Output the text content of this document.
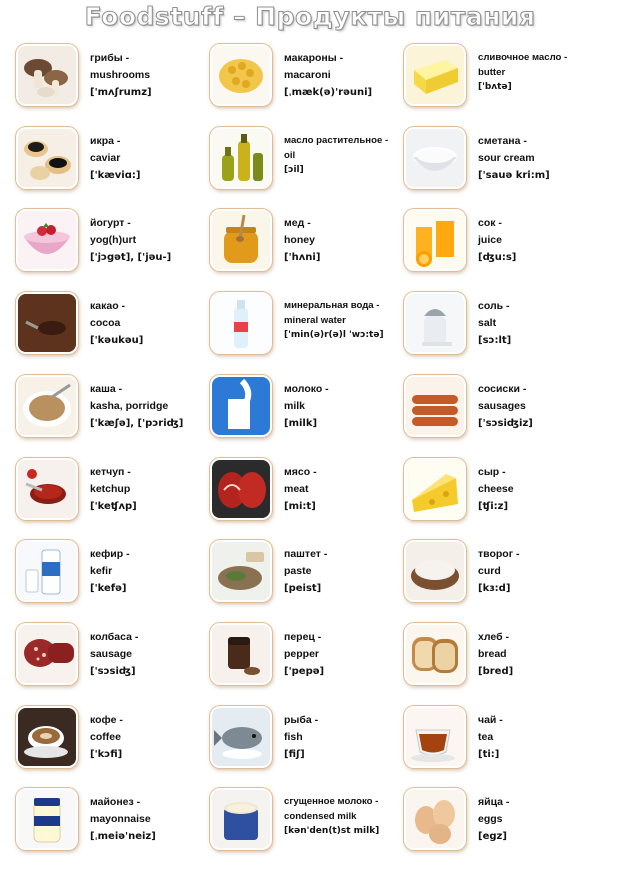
Foodstuff – Продукты питания
грибы -
mushrooms
['mʌʃrumz]
макароны -
macaroni
[ˌmæk(ə)'rəuni]
сливочное масло -
butter
['bʌtə]
икра -
caviar
['kæviɑ:]
масло растительное -
oil
[ɔil]
сметана -
sour cream
['sauə kri:m]
йогурт -
yog(h)urt
['jɔgət], ['jəu-]
мед -
honey
['hʌni]
сок -
juice
[ʤu:s]
какао -
cocoa
['kəukəu]
минеральная вода -
mineral water
['min(ə)r(ə)l 'wɔ:tə]
соль -
salt
[sɔ:lt]
каша -
kasha, porridge
['kæʃə], ['pɔriʤ]
молоко -
milk
[milk]
сосиски -
sausages
['sɔsiʤiz]
кетчуп -
ketchup
['keʧʌp]
мясо -
meat
[mi:t]
сыр -
cheese
[ʧi:z]
кефир -
kefir
['kefə]
паштет -
paste
[peist]
творог -
curd
[kɜ:d]
колбаса -
sausage
['sɔsiʤ]
перец -
pepper
['pepə]
хлеб -
bread
[bred]
кофе -
coffee
['kɔfi]
рыба -
fish
[fiʃ]
чай -
tea
[ti:]
майонез -
mayonnaise
[ˌmeiə'neiz]
сгущенное молоко -
condensed milk
[kən'den(t)st milk]
яйца -
eggs
[egz]
